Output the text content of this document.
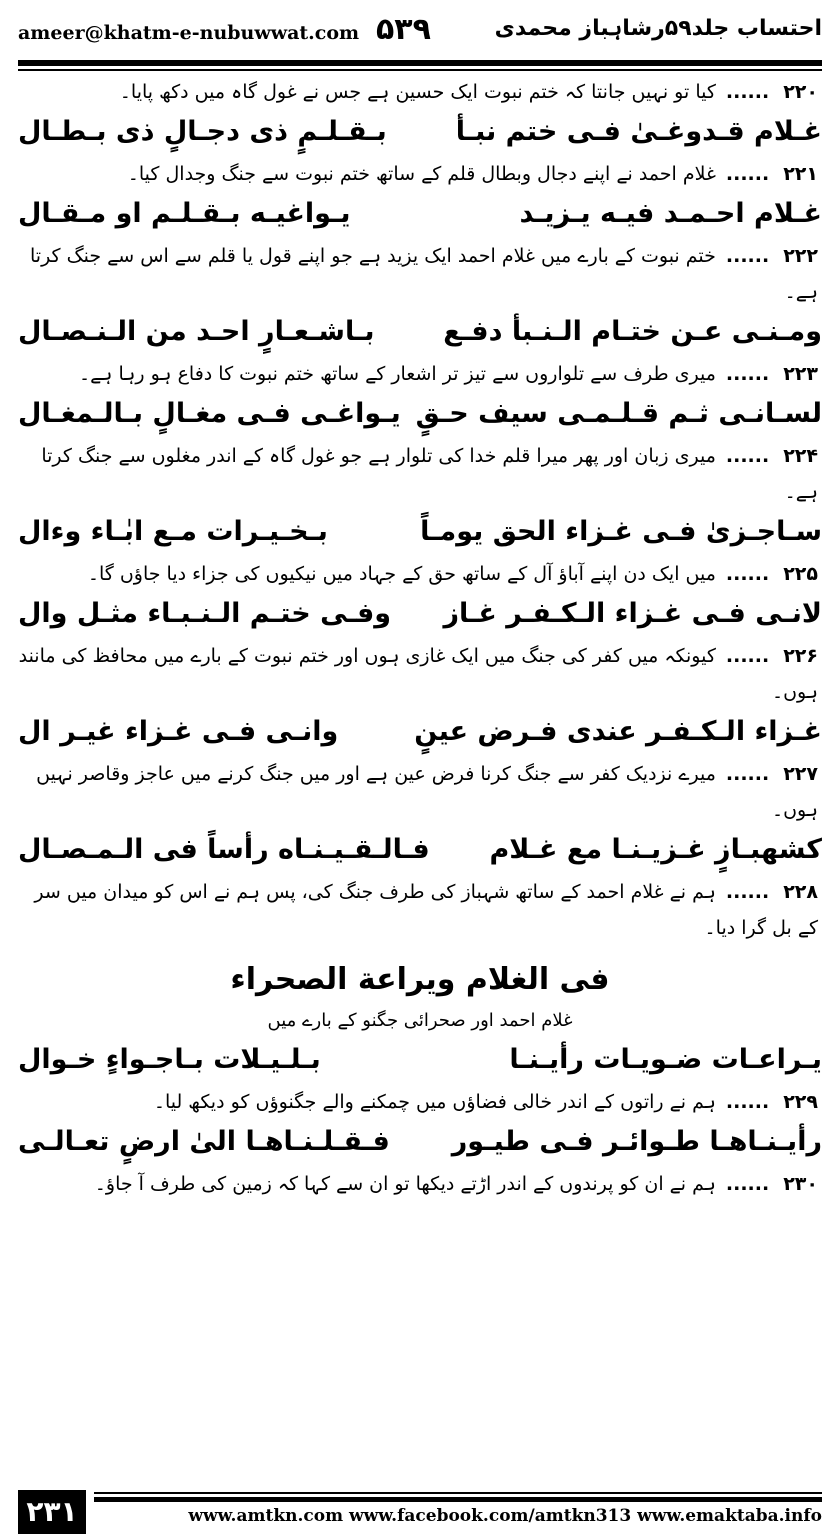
ameer@khatm-e-nubuwwat.com ۵۳۹	احتساب جلد۵۹رشاہباز محمدی
۲۲۰......کیا تو نہیں جانتا کہ ختم نبوت ایک حسین ہے جس نے غول گاہ میں دکھ پایا۔
غـلام قـدوغـیٰ فـی ختم نبـأ
بـقـلـمٍ ذی دجـالٍ ذی بـطـال
۲۲۱......غلام احمد نے اپنے دجال وبطال قلم کے ساتھ ختم نبوت سے جنگ وجدال کیا۔
غـلام احـمـد فیـه یـزیـد
یـواغیـه بـقـلـم او مـقـال
۲۲۲......ختم نبوت کے بارے میں غلام احمد ایک یزید ہے جو اپنے قول یا قلم سے اس سے جنگ کرتا ہے۔
ومـنـی عـن ختـام الـنـبأ دفـع
بـاشـعـارٍ احـد من الـنـصـال
۲۲۳......میری طرف سے تلواروں سے تیز تر اشعار کے ساتھ ختم نبوت کا دفاع ہو رہا ہے۔
لسـانـی ثـم قـلـمـی سیف حـقٍ
یـواغـی فـی مغـالٍ بـالـمغـال
۲۲۴......میری زبان اور پھر میرا قلم خدا کی تلوار ہے جو غول گاہ کے اندر مغلوں سے جنگ کرتا ہے۔
سـاجـزیٰ فـی غـزاء الحق یومـاً
بـخـیـرات مـع ابٰـاء وءال
۲۲۵......میں ایک دن اپنے آباؤ آل کے ساتھ حق کے جہاد میں نیکیوں کی جزاء دیا جاؤں گا۔
لانـی فـی غـزاء الـکـفـر غـاز
وفـی ختـم الـنـبـاء مثـل وال
۲۲۶......کیونکہ میں کفر کی جنگ میں ایک غازی ہوں اور ختم نبوت کے بارے میں محافظ کی مانند ہوں۔
غـزاء الـکـفـر عندی فـرض عینٍ
وانـی فـی غـزاء غیـر ال
۲۲۷......میرے نزدیک کفر سے جنگ کرنا فرض عین ہے اور میں جنگ کرنے میں عاجز وقاصر نہیں ہوں۔
کشهبـازٍ غـزیـنـا مع غـلام
فـالـقـیـنـاه رأساً فی الـمـصـال
۲۲۸......ہم نے غلام احمد کے ساتھ شہباز کی طرف جنگ کی، پس ہم نے اس کو میدان میں سر کے بل گرا دیا۔
فی الغلام ویراعة الصحراء
غلام احمد اور صحرائی جگنو کے بارے میں
یـراعـات ضـویـات رأیـنـا
بـلـیـلات بـاجـواءٍ خـوال
۲۲۹......ہم نے راتوں کے اندر خالی فضاؤں میں چمکنے والے جگنوؤں کو دیکھ لیا۔
رأیـنـاهـا طـوائـر فـی طیـور
فـقـلـنـاهـا الیٰ ارضٍ تعـالـی
۲۳۰......ہم نے ان کو پرندوں کے اندر اڑتے دیکھا تو ان سے کہا کہ زمین کی طرف آ جاؤ۔
۲۳۱	www.amtkn.com www.facebook.com/amtkn313 www.emaktaba.info
